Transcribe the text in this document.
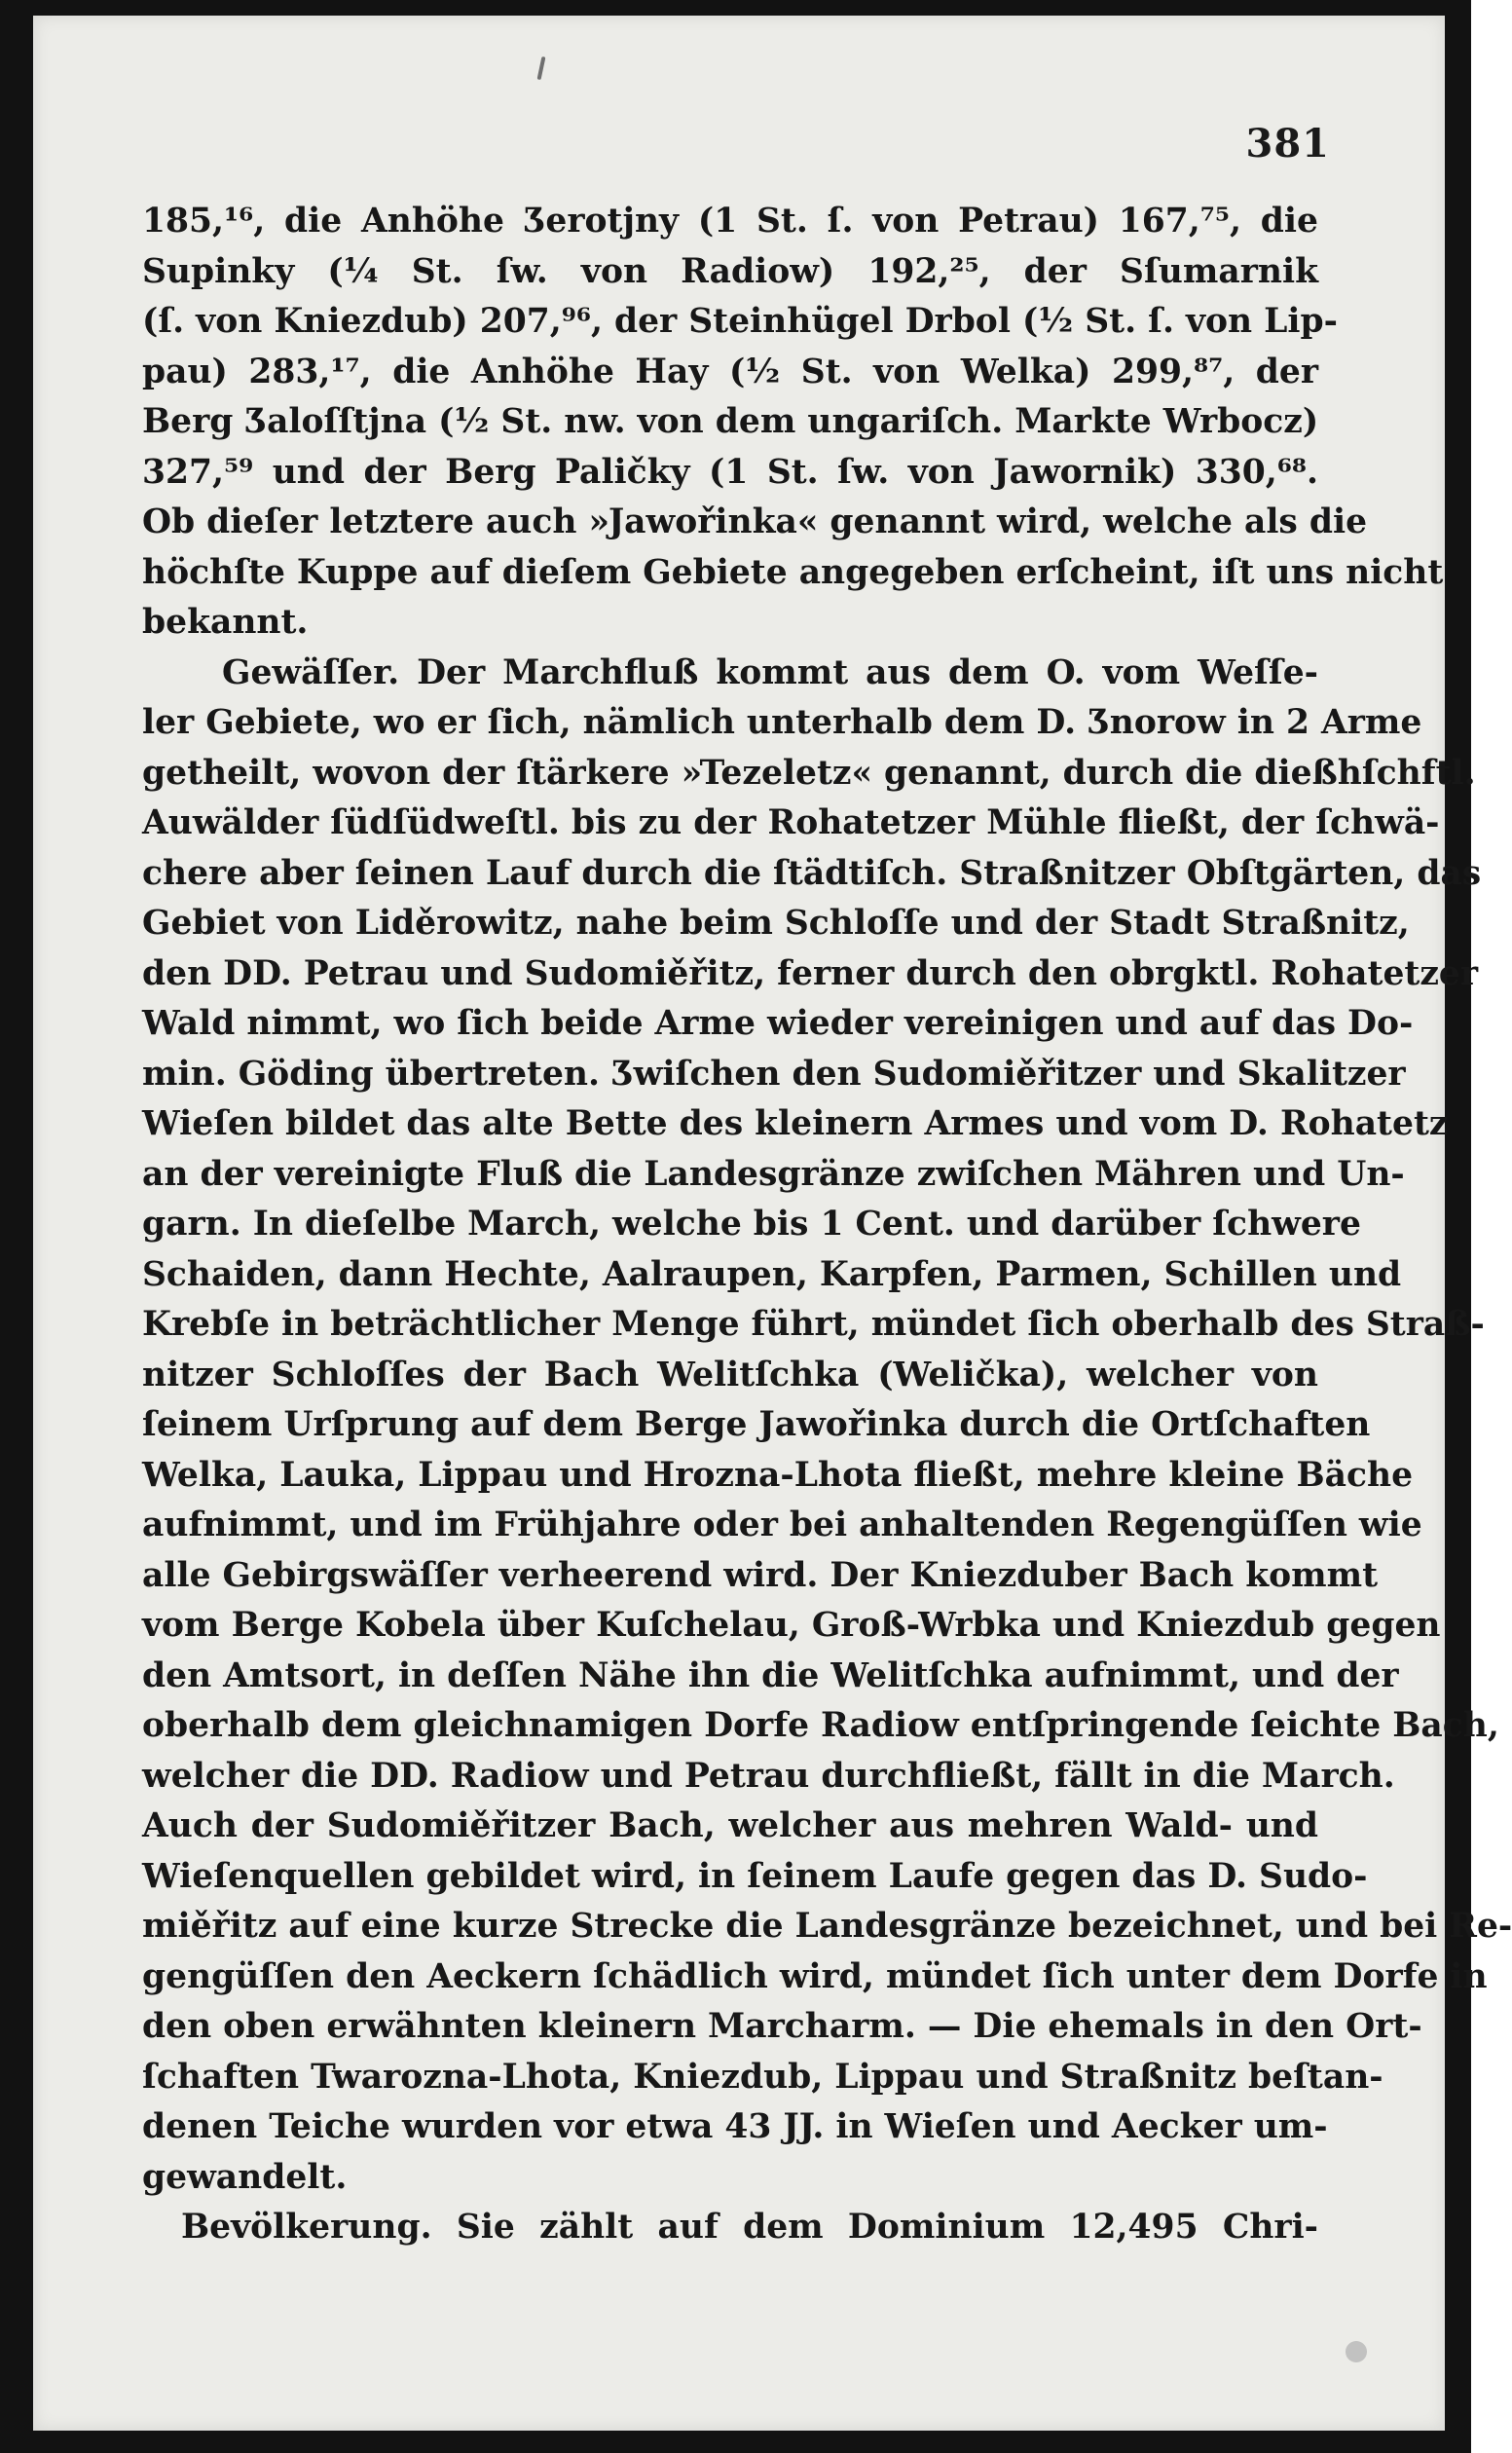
381
185,¹⁶, die Anhöhe Ʒerotjny (1 St. ſ. von Petrau) 167,⁷⁵, die
Supinky (¼ St. ſw. von Radiow) 192,²⁵, der Sſumarnik
(ſ. von Kniezdub) 207,⁹⁶, der Steinhügel Drbol (½ St. ſ. von Lip-
pau) 283,¹⁷, die Anhöhe Hay (½ St. von Welka) 299,⁸⁷, der
Berg Ʒaloſſtjna (½ St. nw. von dem ungariſch. Markte Wrbocz)
327,⁵⁹ und der Berg Paličky (1 St. ſw. von Jawornik) 330,⁶⁸.
Ob dieſer letztere auch »Jawořinka« genannt wird, welche als die
höchſte Kuppe auf dieſem Gebiete angegeben erſcheint, iſt uns nicht
bekannt.
Gewäſſer. Der Marchfluß kommt aus dem O. vom Weſſe-
ler Gebiete, wo er ſich, nämlich unterhalb dem D. Ʒnorow in 2 Arme
getheilt, wovon der ſtärkere »Tezeletz« genannt, durch die dießhſchftl.
Auwälder ſüdſüdweſtl. bis zu der Rohatetzer Mühle fließt, der ſchwä-
chere aber ſeinen Lauf durch die ſtädtiſch. Straßnitzer Obſtgärten, das
Gebiet von Liděrowitz, nahe beim Schloſſe und der Stadt Straßnitz,
den DD. Petrau und Sudomiěřitz, ferner durch den obrgktl. Rohatetzer
Wald nimmt, wo ſich beide Arme wieder vereinigen und auf das Do-
min. Göding übertreten. Ʒwiſchen den Sudomiěřitzer und Skalitzer
Wieſen bildet das alte Bette des kleinern Armes und vom D. Rohatetz
an der vereinigte Fluß die Landesgränze zwiſchen Mähren und Un-
garn. In dieſelbe March, welche bis 1 Cent. und darüber ſchwere
Schaiden, dann Hechte, Aalraupen, Karpfen, Parmen, Schillen und
Krebſe in beträchtlicher Menge führt, mündet ſich oberhalb des Straß-
nitzer Schloſſes der Bach Welitſchka (Welička), welcher von
ſeinem Urſprung auf dem Berge Jawořinka durch die Ortſchaften
Welka, Lauka, Lippau und Hrozna-Lhota fließt, mehre kleine Bäche
aufnimmt, und im Frühjahre oder bei anhaltenden Regengüſſen wie
alle Gebirgswäſſer verheerend wird. Der Kniezduber Bach kommt
vom Berge Kobela über Kuſchelau, Groß-Wrbka und Kniezdub gegen
den Amtsort, in deſſen Nähe ihn die Welitſchka aufnimmt, und der
oberhalb dem gleichnamigen Dorfe Radiow entſpringende ſeichte Bach,
welcher die DD. Radiow und Petrau durchfließt, fällt in die March.
Auch der Sudomiěřitzer Bach, welcher aus mehren Wald- und
Wieſenquellen gebildet wird, in ſeinem Laufe gegen das D. Sudo-
miěřitz auf eine kurze Strecke die Landesgränze bezeichnet, und bei Re-
gengüſſen den Aeckern ſchädlich wird, mündet ſich unter dem Dorfe in
den oben erwähnten kleinern Marcharm. — Die ehemals in den Ort-
ſchaften Twarozna-Lhota, Kniezdub, Lippau und Straßnitz beſtan-
denen Teiche wurden vor etwa 43 JJ. in Wieſen und Aecker um-
gewandelt.
Bevölkerung. Sie zählt auf dem Dominium 12,495 Chri-
